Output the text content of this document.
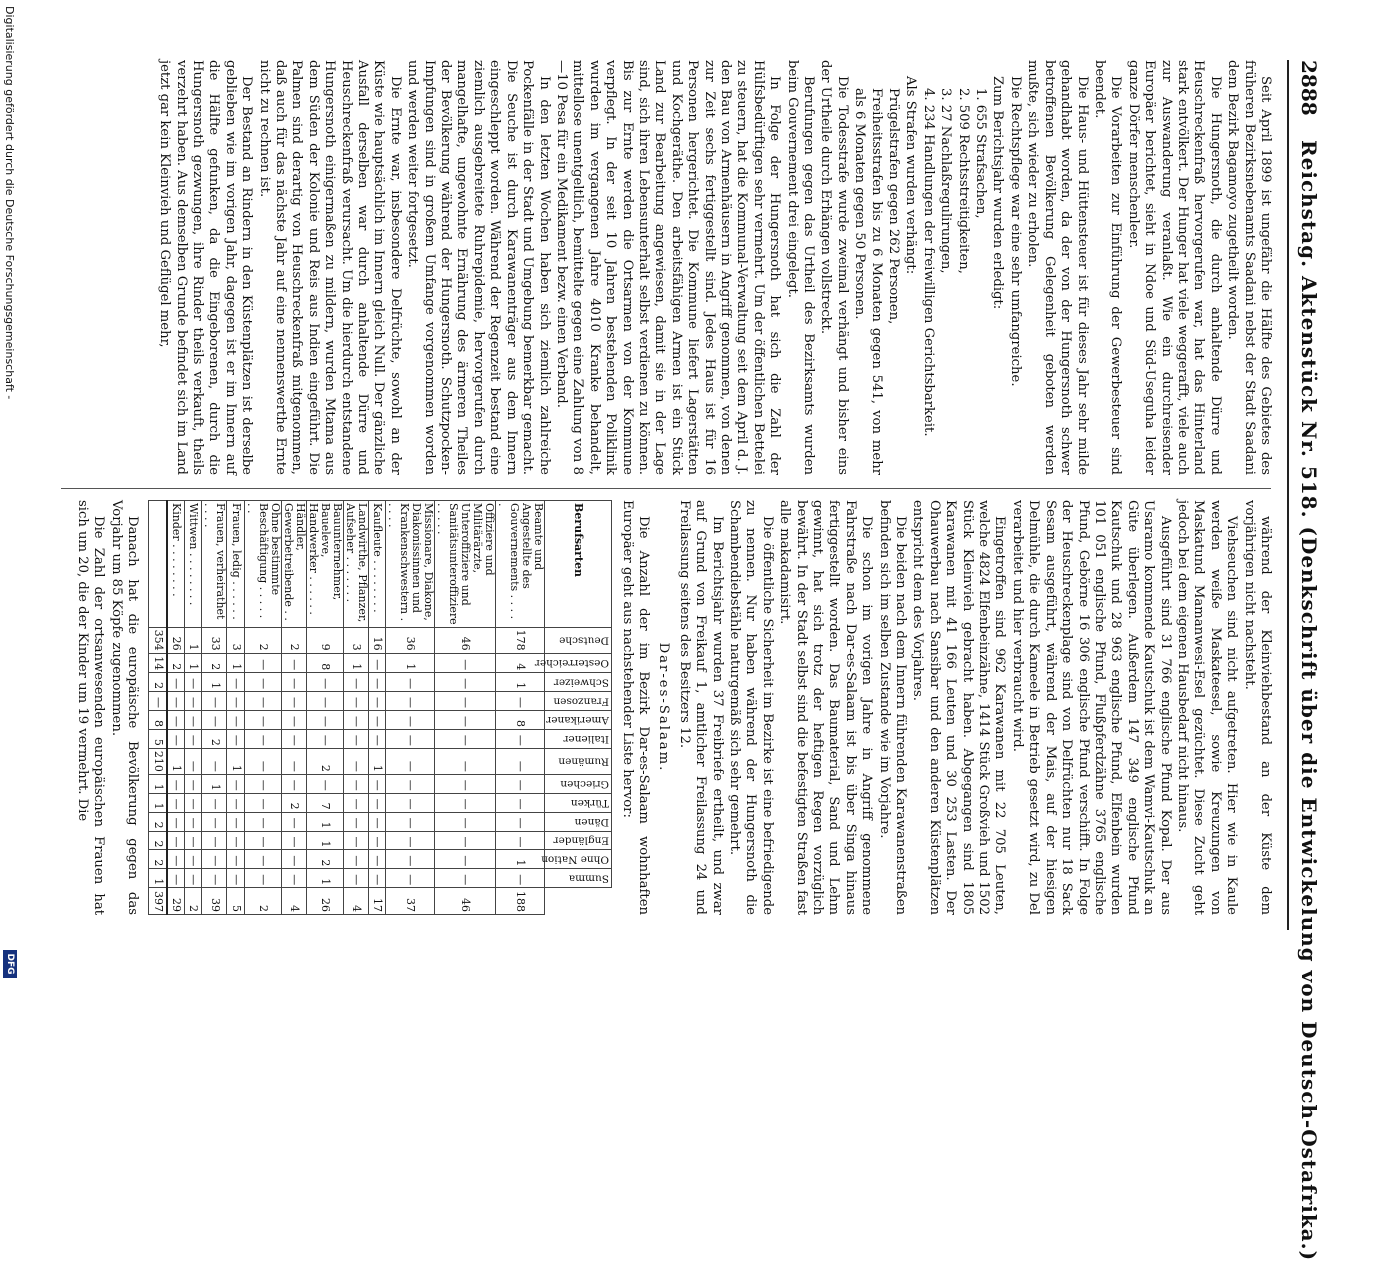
2888
Reichstag. Aktenstück Nr. 518. (Denkschrift über die Entwickelung von Deutsch-Ostafrika.)

Seit April 1899 ist ungefähr die Hälfte des Gebietes des früheren Bezirksnebenamts Saadani nebst der Stadt Saadani dem Bezirk Bagamoyo zugetheilt worden.

Die Hungersnoth, die durch anhaltende Dürre und Heuschreckenfraß hervorgerufen war, hat das Hinterland stark entvölkert. Der Hunger hat viele weggerafft, viele auch zur Auswanderung veranlaßt. Wie ein durchreisender Europäer berichtet, sieht in Ndoe und Süd-Useguha leider ganze Dörfer menschenleer.

Die Vorarbeiten zur Einführung der Gewerbesteuer sind beendet.

Die Haus- und Hüttensteuer ist für dieses Jahr sehr milde gehandhabt worden, da der von der Hungersnoth schwer betroffenen Bevölkerung Gelegenheit geboten werden mußte, sich wieder zu erholen.

Die Rechtspflege war eine sehr umfangreiche.

Zum Berichtsjahr wurden erledigt:

1. 655 Strafsachen,

2. 509 Rechtsstreitigkeiten,

3. 27 Nachlaßregulirungen,

4. 234 Handlungen der freiwilligen Gerichtsbarkeit.

Als Strafen wurden verhängt:

Prügelstrafen gegen 262 Personen,

Freiheitsstrafen bis zu 6 Monaten gegen 541, von mehr als 6 Monaten gegen 50 Personen.

Die Todesstrafe wurde zweimal verhängt und bisher eins der Urtheile durch Erhängen vollstreckt.

Berufungen gegen das Urtheil des Bezirksamts wurden beim Gouvernement drei eingelegt.

In Folge der Hungersnoth hat sich die Zahl der Hülfsbedürftigen sehr vermehrt. Um der öffentlichen Bettelei zu steuern, hat die Kommunal-Verwaltung seit dem April d. J. den Bau von Armenhäusern in Angriff genommen, von denen zur Zeit sechs fertiggestellt sind. Jedes Haus ist für 16 Personen hergerichtet. Die Kommune liefert Lagerstätten und Kochgeräthe. Den arbeitsfähigen Armen ist ein Stück Land zur Bearbeitung angewiesen, damit sie in der Lage sind, sich ihren Lebensunterhalt selbst verdienen zu können. Bis zur Ernte werden die Ortsarmen von der Kommune verpflegt. In der seit 10 Jahren bestehenden Poliklinik wurden im vergangenen Jahre 4010 Kranke behandelt, mittellose unentgeltlich, bemittelte gegen eine Zahlung von 8—10 Pesa für ein Medikament bezw. einen Verband.

In den letzten Wochen haben sich ziemlich zahlreiche Pockenfälle in der Stadt und Umgebung bemerkbar gemacht. Die Seuche ist durch Karawanenträger aus dem Innern eingeschleppt worden. Während der Regenzeit bestand eine ziemlich ausgebreitete Ruhrepidemie, hervorgerufen durch mangelhafte, ungewohnte Ernährung des ärmeren Theiles der Bevölkerung während der Hungersnoth. Schutzpocken-Impfungen sind in großem Umfange vorgenommen worden und werden weiter fortgesetzt.

Die Ernte war, insbesondere Delfrüchte, sowohl an der Küste wie hauptsächlich im Innern gleich Null. Der gänzliche Ausfall derselben war durch anhaltende Dürre und Heuschreckenfraß verursacht. Um die hierdurch entstandene Hungersnoth einigermaßen zu mildern, wurden Mtama aus dem Süden der Kolonie und Reis aus Indien eingeführt. Die Palmen sind derartig von Heuschreckenfraß mitgenommen, daß auch für das nächste Jahr auf eine nennenswerthe Ernte nicht zu rechnen ist.

Der Bestand an Rindern in den Küstenplätzen ist derselbe geblieben wie im vorigen Jahr, dagegen ist er im Innern auf die Hälfte gefunken, da die Eingeborenen, durch die Hungersnoth gezwungen, ihre Rinder theils verkauft, theils verzehrt haben. Aus demselben Grunde befindet sich im Land jetzt gar kein Kleinvieh und Geflügel mehr,

während der Kleinviehbestand an der Küste dem vorjährigen nicht nachsteht.

Viehseuchen sind nicht aufgetreten. Hier wie in Kaule werden weiße Maskateesel, sowie Kreuzungen von Maskatund Mamanwesi-Esel gezüchtet. Diese Zucht geht jedoch bei dem eigenen Hausbedarf nicht hinaus.

Ausgeführt sind 31 766 englische Pfund Kopal. Der aus Usaramo kommende Kautschuk ist dem Wamvi-Kautschuk an Güte überlegen. Außerdem 147 349 englische Pfund Kautschuk und 28 963 englische Pfund, Elfenbein wurden 101 051 englische Pfund, Flußpferdzähne 3765 englische Pfund, Gebörne 16 306 englische Pfund verschifft. In Folge der Heuschreckenplage sind von Delfrüchten nur 18 Sack Sesam ausgeführt, während der Mais, auf der hiesigen Delmühle, die durch Kameele in Betrieb gesetzt wird, zu Del verarbeitet und hier verbraucht wird.

Eingetroffen sind 962 Karawanen mit 22 705 Leuten, welche 4824 Elfenbeinzähne, 1414 Stück Großvieh und 1502 Stück Kleinvieh gebracht haben. Abgegangen sind 1805 Karawanen mit 41 166 Leuten und 30 253 Lasten. Der Ohauwerbau nach Sansibar und den anderen Küstenplätzen entspricht dem des Vorjahres.

Die beiden nach dem Innern führenden Karawanenstraßen befinden sich im selben Zustande wie im Vorjahre.

Die schon im vorigen Jahre in Angriff genommene Fahrstraße nach Dar-es-Salaam ist bis über Singa hinaus fertiggestellt worden. Das Baumaterial, Sand und Lehm gewinnt, hat sich trotz der heftigen Regen vorzüglich bewährt. In der Stadt selbst sind die befestigten Straßen fast alle makadamisirt.

Die öffentliche Sicherheit im Bezirke ist eine befriedigende zu nennen. Nur haben während der Hungersnoth die Schambendiebstähle naturgemäß sich sehr gemehrt.

Im Berichtsjahr wurden 37 Freibriefe ertheilt, und zwar auf Grund von Freikauf 1, amtlicher Freilassung 24 und Freilassung seitens des Besitzers 12.

Dar-es-Salaam.

Die Anzahl der im Bezirk Dar-es-Salaam wohnhaften Europäer geht aus nachstehender Liste hervor:

Berufsarten	Deutsche	Oesterreicher	Schweizer	Franzosen	Amerikaner	Italiener	Rumänen	Griechen	Türken	Dänen	Engländer	Ohne Nation	Summa	
Beamte und Angestellte des Gouvernements . . . . .	178	4	1	—	8	—	—	—	—	—	—	1	—	188
Offiziere und Militärärzte, Unteroffiziere und Sanitätsunteroffiziere . . . . .	46	—	—	—	—	—	—	—	—	—	—	—	—	46
Missionare, Diakone, Diakonissinnen und Krankenschwestern . . . . .	36	1	—	—	—	—	—	—	—	—	—	—	—	37
Kaufleute . . . . . . . .	16	—	—	—	—	—	1	—	—	—	—	—	—	17
Landwirthe, Pflanzer, Aufseher . . . . . . .	3	1	—	—	—	—	—	—	—	—	—	—	—	4
Bauunternehmer, Baueleve, Handwerker . . . . . .	9	8	—	—	—	—	2	—	7	1	1	2	1	26
Händler, Gewerbetreibende . .	2	—	—	—	—	—	—	—	2	—	—	—	—	4
Ohne bestimmte Beschäftigung . . . . . . .	2	—	—	—	—	—	—	—	—	—	—	—	—	2
Frauen, ledig . . . . . .	3	1	—	—	—	—	1	—	—	—	—	—	—	5
Frauen, verheirathet . . . .	33	2	1	—	—	2	—	1	—	—	—	—	—	39
Wittwen . . . . . . . .	1	1	—	—	—	—	—	—	—	—	—	—	—	2
Kinder . . . . . . . .	26	2	—	—	—	—	1	—	—	—	—	—	—	29
	354	14	2	—	8	5	210	1	1	2	2	2	1	397

Danach hat die europäische Bevölkerung gegen das Vorjahr um 85 Köpfe zugenommen.

Die Zahl der ortsanwesenden europäischen Frauen hat sich um 20, die der Kinder um 19 vermehrt. Die

Digitalisierung gefördert durch die Deutsche Forschungsgemeinschaft -
DFG
